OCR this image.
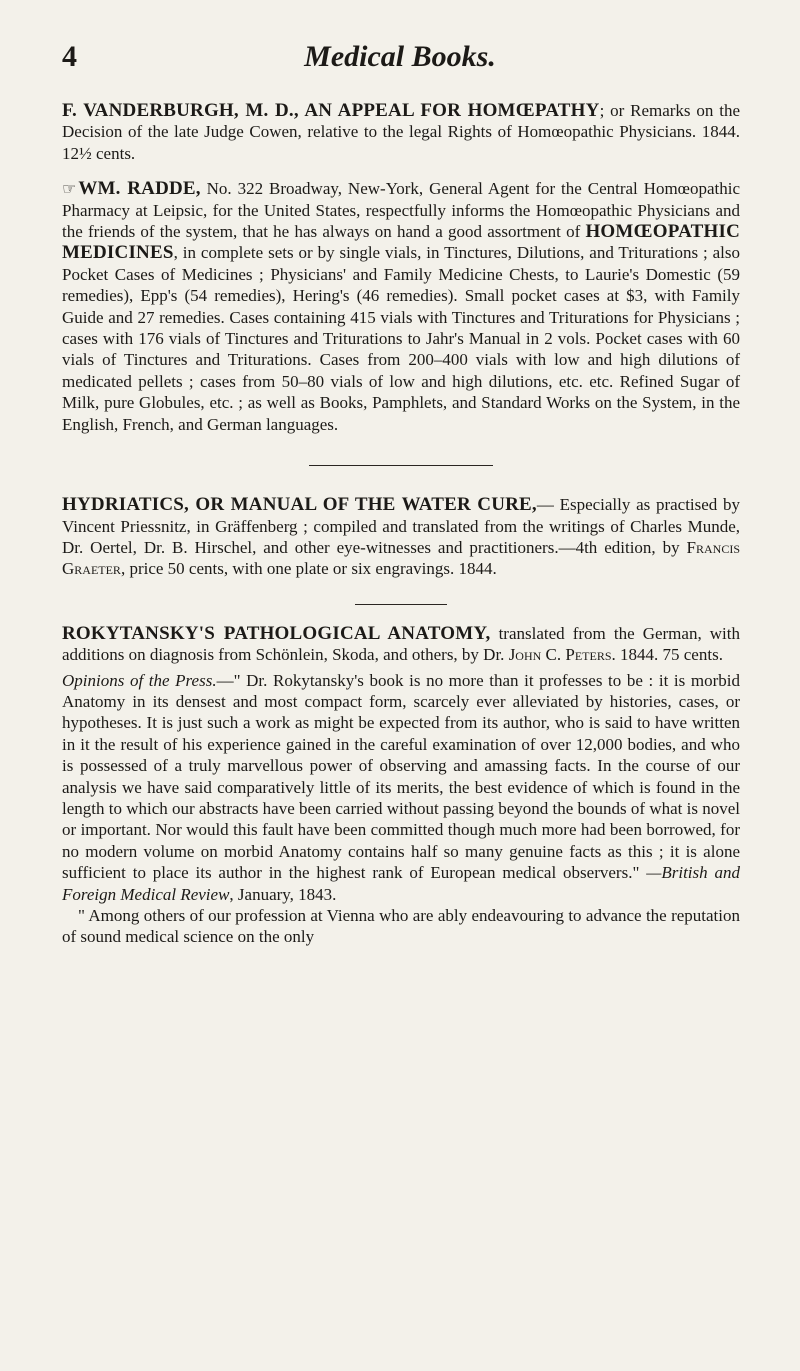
4	Medical Books.

F. VANDERBURGH, M. D., AN APPEAL FOR HOMŒPATHY; or Remarks on the Decision of the late Judge Cowen, relative to the legal Rights of Homœopathic Physicians. 1844. 12½ cents.

☞ WM. RADDE, No. 322 Broadway, New-York, General Agent for the Central Homœopathic Pharmacy at Leipsic, for the United States, respectfully informs the Homœopathic Physicians and the friends of the system, that he has always on hand a good assortment of HOMŒOPATHIC MEDICINES, in complete sets or by single vials, in Tinctures, Dilutions, and Triturations ; also Pocket Cases of Medicines ; Physicians' and Family Medicine Chests, to Laurie's Domestic (59 remedies), Epp's (54 remedies), Hering's (46 remedies). Small pocket cases at $3, with Family Guide and 27 remedies. Cases containing 415 vials with Tinctures and Triturations for Physicians ; cases with 176 vials of Tinctures and Triturations to Jahr's Manual in 2 vols. Pocket cases with 60 vials of Tinctures and Triturations. Cases from 200–400 vials with low and high dilutions of medicated pellets ; cases from 50–80 vials of low and high dilutions, etc. etc. Refined Sugar of Milk, pure Globules, etc. ; as well as Books, Pamphlets, and Standard Works on the System, in the English, French, and German languages.

HYDRIATICS, OR MANUAL OF THE WATER CURE,— Especially as practised by Vincent Priessnitz, in Gräffenberg ; compiled and translated from the writings of Charles Munde, Dr. Oertel, Dr. B. Hirschel, and other eye-witnesses and practitioners.—4th edition, by Francis Graeter, price 50 cents, with one plate or six engravings. 1844.

ROKYTANSKY'S PATHOLOGICAL ANATOMY, translated from the German, with additions on diagnosis from Schönlein, Skoda, and others, by Dr. John C. Peters. 1844. 75 cents.

Opinions of the Press.—" Dr. Rokytansky's book is no more than it professes to be : it is morbid Anatomy in its densest and most compact form, scarcely ever alleviated by histories, cases, or hypotheses. It is just such a work as might be expected from its author, who is said to have written in it the result of his experience gained in the careful examination of over 12,000 bodies, and who is possessed of a truly marvellous power of observing and amassing facts. In the course of our analysis we have said comparatively little of its merits, the best evidence of which is found in the length to which our abstracts have been carried without passing beyond the bounds of what is novel or important. Nor would this fault have been committed though much more had been borrowed, for no modern volume on morbid Anatomy contains half so many genuine facts as this ; it is alone sufficient to place its author in the highest rank of European medical observers." —British and Foreign Medical Review, January, 1843.

" Among others of our profession at Vienna who are ably endeavouring to advance the reputation of sound medical science on the only
